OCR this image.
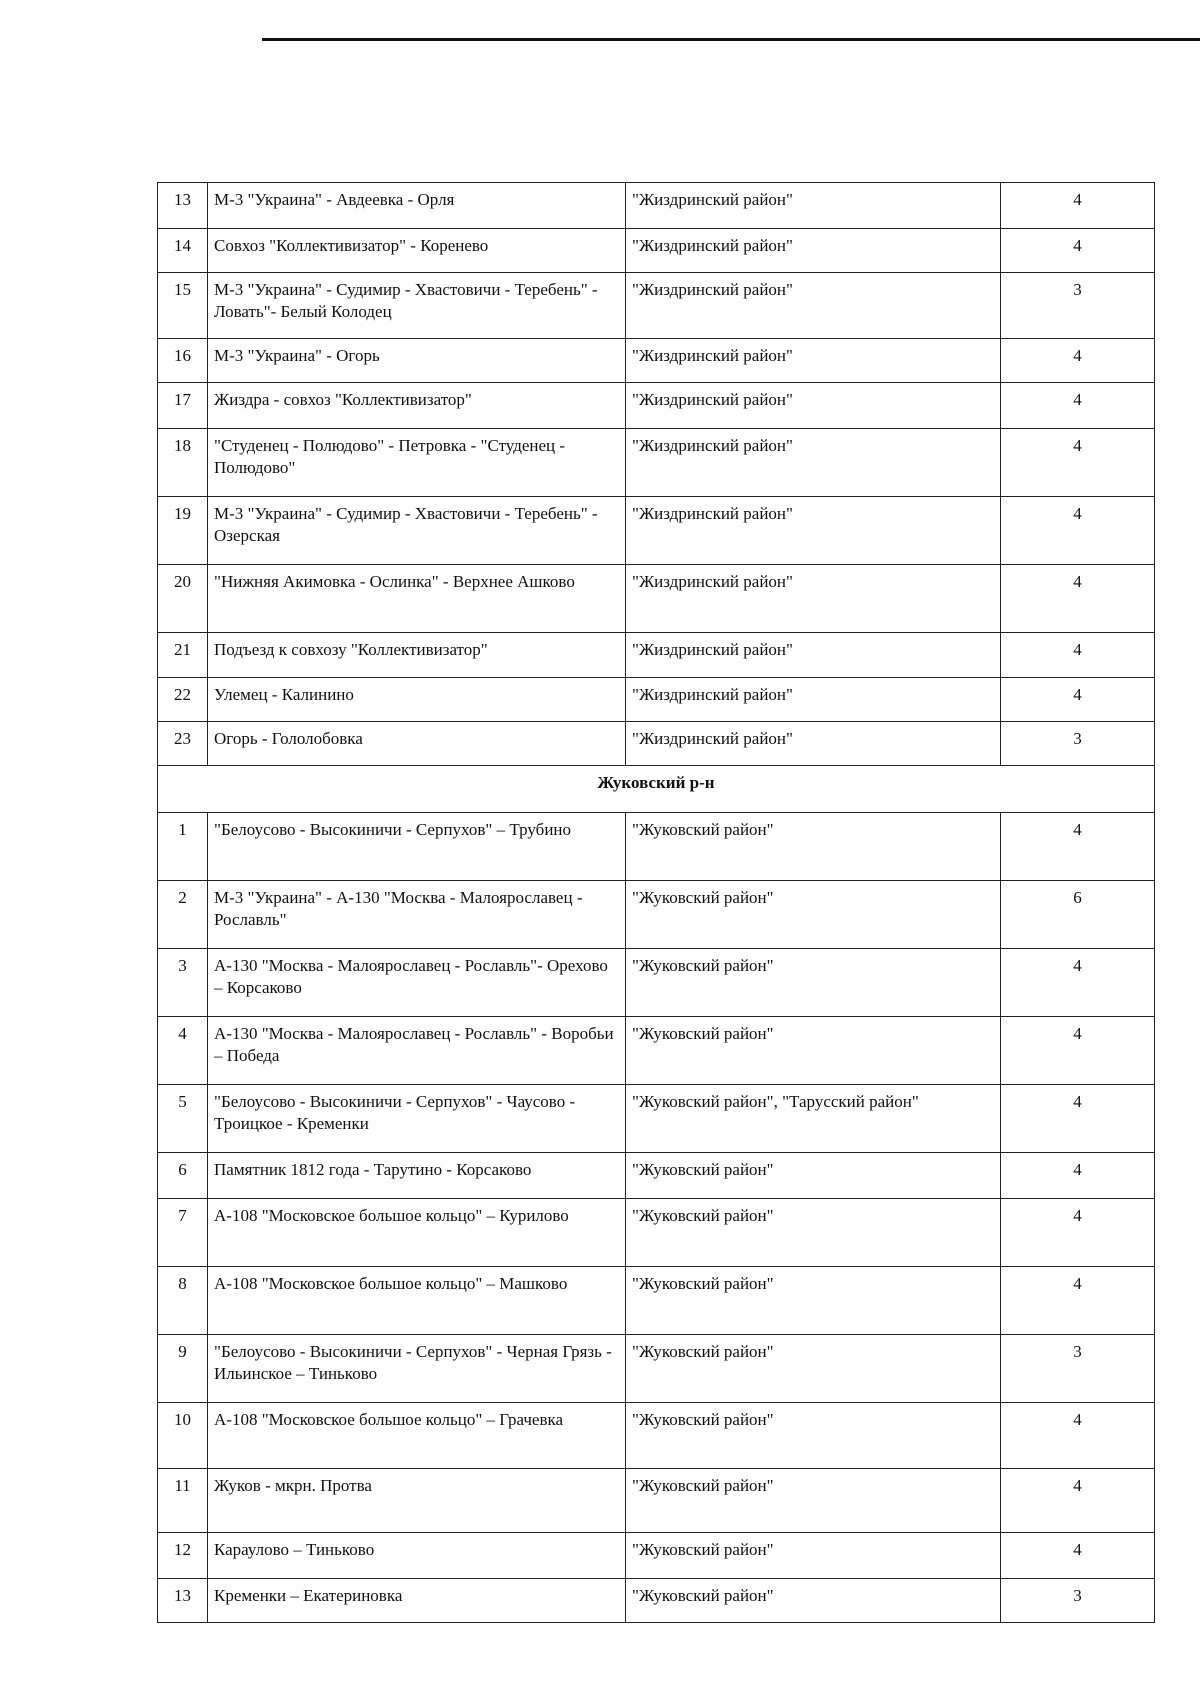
13	М-3 "Украина" - Авдеевка - Орля	"Жиздринский район"	4
14	Совхоз "Коллективизатор" - Коренево	"Жиздринский район"	4
15	М-3 "Украина" - Судимир - Хвастовичи - Теребень" - Ловать"- Белый Колодец	"Жиздринский район"	3
16	М-3 "Украина" - Огорь	"Жиздринский район"	4
17	Жиздра - совхоз "Коллективизатор"	"Жиздринский район"	4
18	"Студенец - Полюдово" - Петровка - "Студенец - Полюдово"	"Жиздринский район"	4
19	М-3 "Украина" - Судимир - Хвастовичи - Теребень" - Озерская	"Жиздринский район"	4
20	"Нижняя Акимовка - Ослинка" - Верхнее Ашково	"Жиздринский район"	4
21	Подъезд к совхозу "Коллективизатор"	"Жиздринский район"	4
22	Улемец - Калинино	"Жиздринский район"	4
23	Огорь - Гололобовка	"Жиздринский район"	3
Жуковский р-н			
1	"Белоусово - Высокиничи - Серпухов" – Трубино	"Жуковский район"	4
2	М-3 "Украина" - А-130 "Москва - Малоярославец - Рославль"	"Жуковский район"	6
3	А-130 "Москва - Малоярославец - Рославль"- Орехово – Корсаково	"Жуковский район"	4
4	А-130 "Москва - Малоярославец - Рославль" - Воробьи – Победа	"Жуковский район"	4
5	"Белоусово - Высокиничи - Серпухов" - Чаусово - Троицкое - Кременки	"Жуковский район", "Тарусский район"	4
6	Памятник 1812 года - Тарутино - Корсаково	"Жуковский район"	4
7	А-108 "Московское большое кольцо" – Курилово	"Жуковский район"	4
8	А-108 "Московское большое кольцо" – Машково	"Жуковский район"	4
9	"Белоусово - Высокиничи - Серпухов" - Черная Грязь - Ильинское – Тиньково	"Жуковский район"	3
10	А-108 "Московское большое кольцо" – Грачевка	"Жуковский район"	4
11	Жуков - мкрн. Протва	"Жуковский район"	4
12	Караулово – Тиньково	"Жуковский район"	4
13	Кременки – Екатериновка	"Жуковский район"	3
